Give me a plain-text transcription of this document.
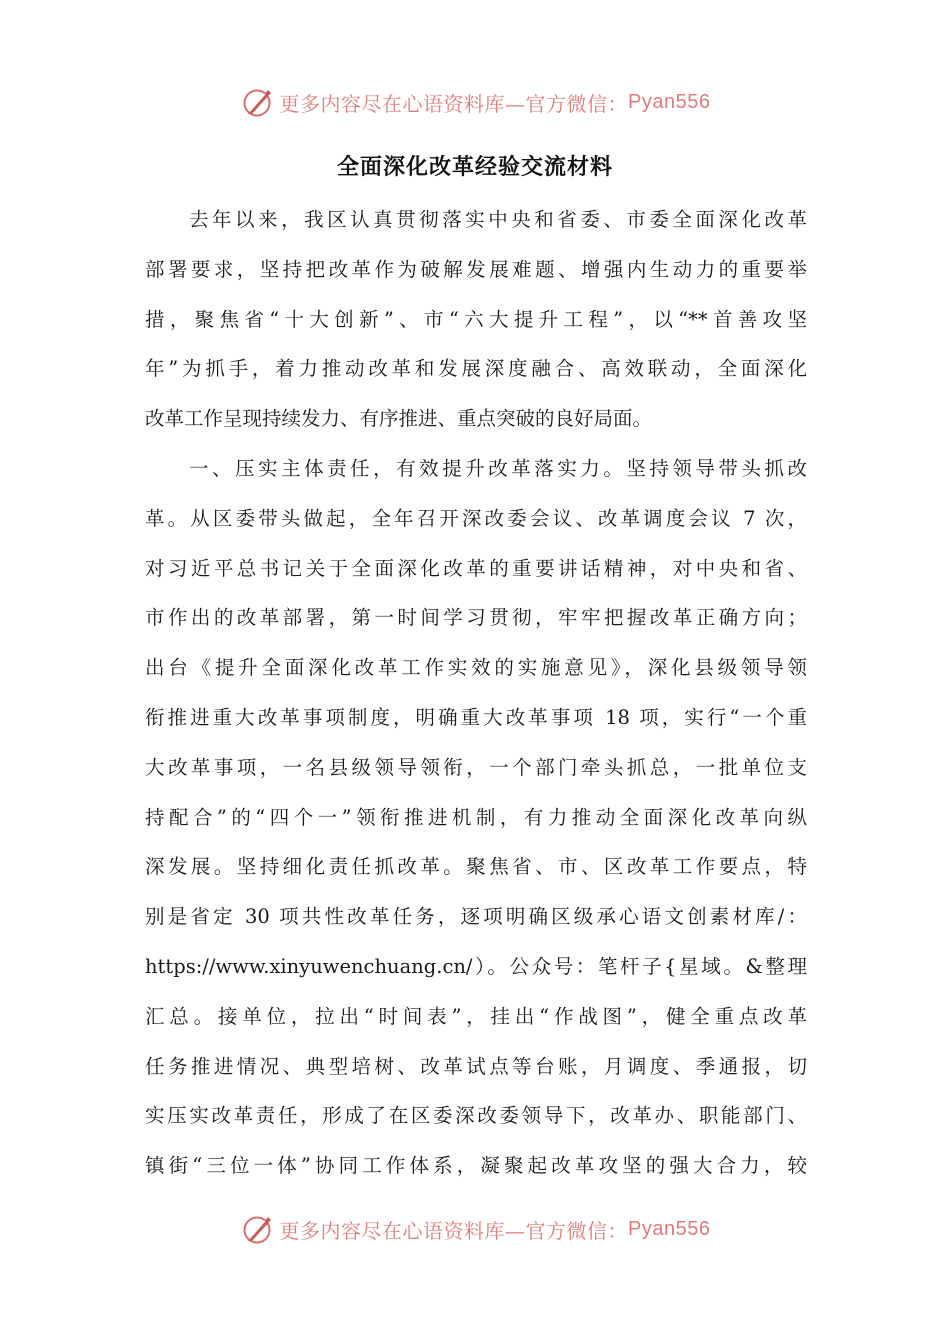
更多内容尽在心语资料库—官方微信： Pyan556
全面深化改革经验交流材料
去年以来，我区认真贯彻落实中央和省委、市委全面深化改革
部署要求，坚持把改革作为破解发展难题、增强内生动力的重要举
措，聚焦省“十大创新”、市“六大提升工程”，以“**首善攻坚
年”为抓手，着力推动改革和发展深度融合、高效联动，全面深化
改革工作呈现持续发力、有序推进、重点突破的良好局面。
一、压实主体责任，有效提升改革落实力。坚持领导带头抓改
革。从区委带头做起，全年召开深改委会议、改革调度会议 7 次，
对习近平总书记关于全面深化改革的重要讲话精神，对中央和省、
市作出的改革部署，第一时间学习贯彻，牢牢把握改革正确方向；
出台《提升全面深化改革工作实效的实施意见》，深化县级领导领
衔推进重大改革事项制度，明确重大改革事项 18 项，实行“一个重
大改革事项，一名县级领导领衔，一个部门牵头抓总，一批单位支
持配合”的“四个一”领衔推进机制，有力推动全面深化改革向纵
深发展。坚持细化责任抓改革。聚焦省、市、区改革工作要点，特
别是省定 30 项共性改革任务，逐项明确区级承心语文创素材库/：
https://www.xinyuwenchuang.cn/）。公众号：笔杆子{星域。&整理
汇总。接单位，拉出“时间表”，挂出“作战图”，健全重点改革
任务推进情况、典型培树、改革试点等台账，月调度、季通报，切
实压实改革责任，形成了在区委深改委领导下，改革办、职能部门、
镇街“三位一体”协同工作体系，凝聚起改革攻坚的强大合力，较
更多内容尽在心语资料库—官方微信： Pyan556
